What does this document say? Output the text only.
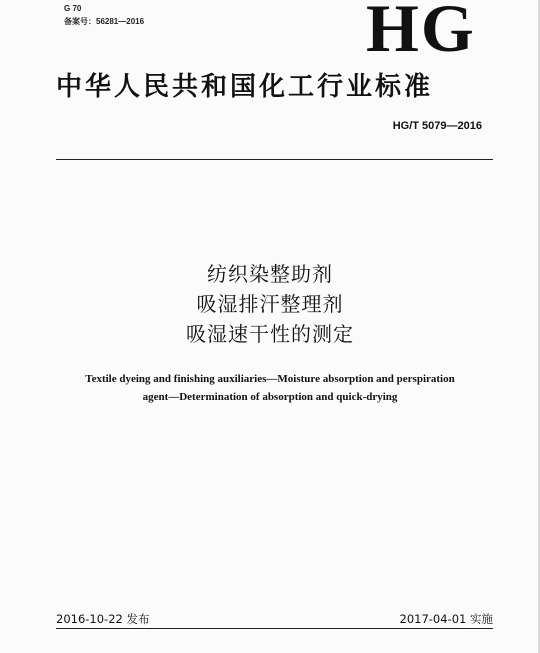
G 70
备案号：56281—2016	HG
中华人民共和国化工行业标准
HG/T 5079—2016
纺织染整助剂
吸湿排汗整理剂
吸湿速干性的测定
Textile dyeing and finishing auxiliaries—Moisture absorption and perspiration
agent—Determination of absorption and quick-drying
2016-10-22 发布	2017-04-01 实施
